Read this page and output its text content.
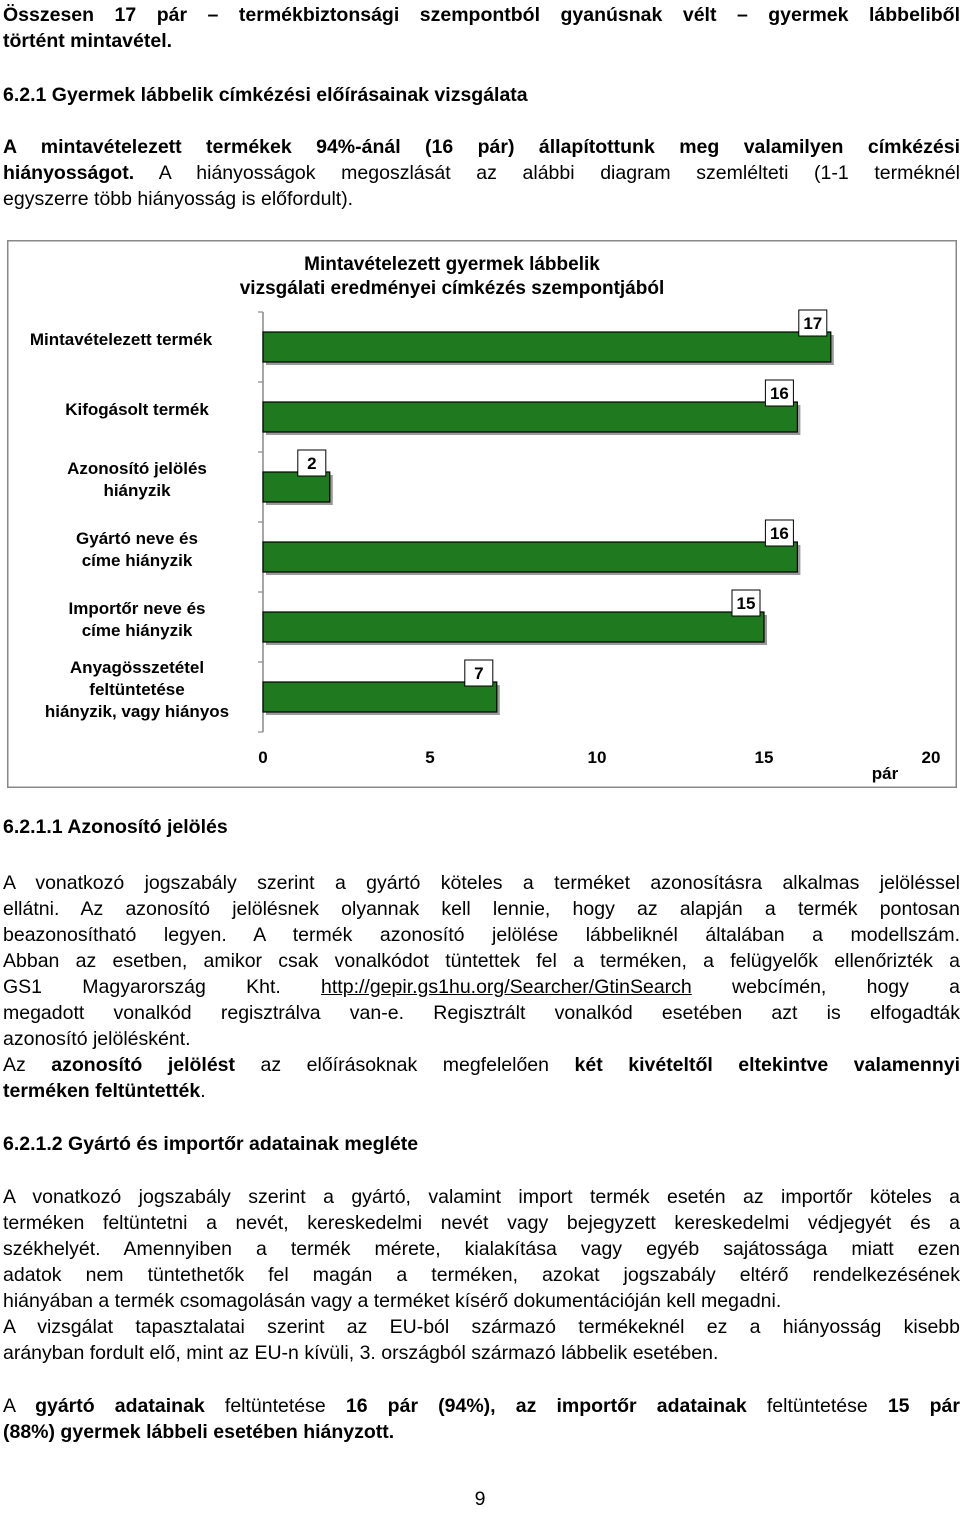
Összesen 17 pár – termékbiztonsági szempontból gyanúsnak vélt – gyermek lábbeliből
történt mintavétel.
6.2.1 Gyermek lábbelik címkézési előírásainak vizsgálata
A mintavételezett termékek 94%-ánál (16 pár) állapítottunk meg valamilyen címkézési
hiányosságot. A hiányosságok megoszlását az alábbi diagram szemlélteti (1-1 terméknél
egyszerre több hiányosság is előfordult).
Mintavételezett gyermek lábbelik
vizsgálati eredményei címkézés szempontjából
17
Mintavételezett termék
16
Kifogásolt termék
2
Azonosító jelölés
hiányzik
16
Gyártó neve és
címe hiányzik
15
Importőr neve és
címe hiányzik
7
Anyagösszetétel
feltüntetése
hiányzik, vagy hiányos
0	5	10	15	20
pár
6.2.1.1 Azonosító jelölés
A vonatkozó jogszabály szerint a gyártó köteles a terméket azonosításra alkalmas jelöléssel
ellátni. Az azonosító jelölésnek olyannak kell lennie, hogy az alapján a termék pontosan
beazonosítható legyen. A termék azonosító jelölése lábbeliknél általában a modellszám.
Abban az esetben, amikor csak vonalkódot tüntettek fel a terméken, a felügyelők ellenőrizték a
GS1 Magyarország Kht. http://gepir.gs1hu.org/Searcher/GtinSearch webcímén, hogy a
megadott vonalkód regisztrálva van-e. Regisztrált vonalkód esetében azt is elfogadták
azonosító jelölésként.
Az azonosító jelölést az előírásoknak megfelelően két kivételtől eltekintve valamennyi
terméken feltüntették.
6.2.1.2 Gyártó és importőr adatainak megléte
A vonatkozó jogszabály szerint a gyártó, valamint import termék esetén az importőr köteles a
terméken feltüntetni a nevét, kereskedelmi nevét vagy bejegyzett kereskedelmi védjegyét és a
székhelyét. Amennyiben a termék mérete, kialakítása vagy egyéb sajátossága miatt ezen
adatok nem tüntethetők fel magán a terméken, azokat jogszabály eltérő rendelkezésének
hiányában a termék csomagolásán vagy a terméket kísérő dokumentációján kell megadni.
A vizsgálat tapasztalatai szerint az EU-ból származó termékeknél ez a hiányosság kisebb
arányban fordult elő, mint az EU-n kívüli, 3. országból származó lábbelik esetében.
A gyártó adatainak feltüntetése 16 pár (94%), az importőr adatainak feltüntetése 15 pár
(88%) gyermek lábbeli esetében hiányzott.
9
